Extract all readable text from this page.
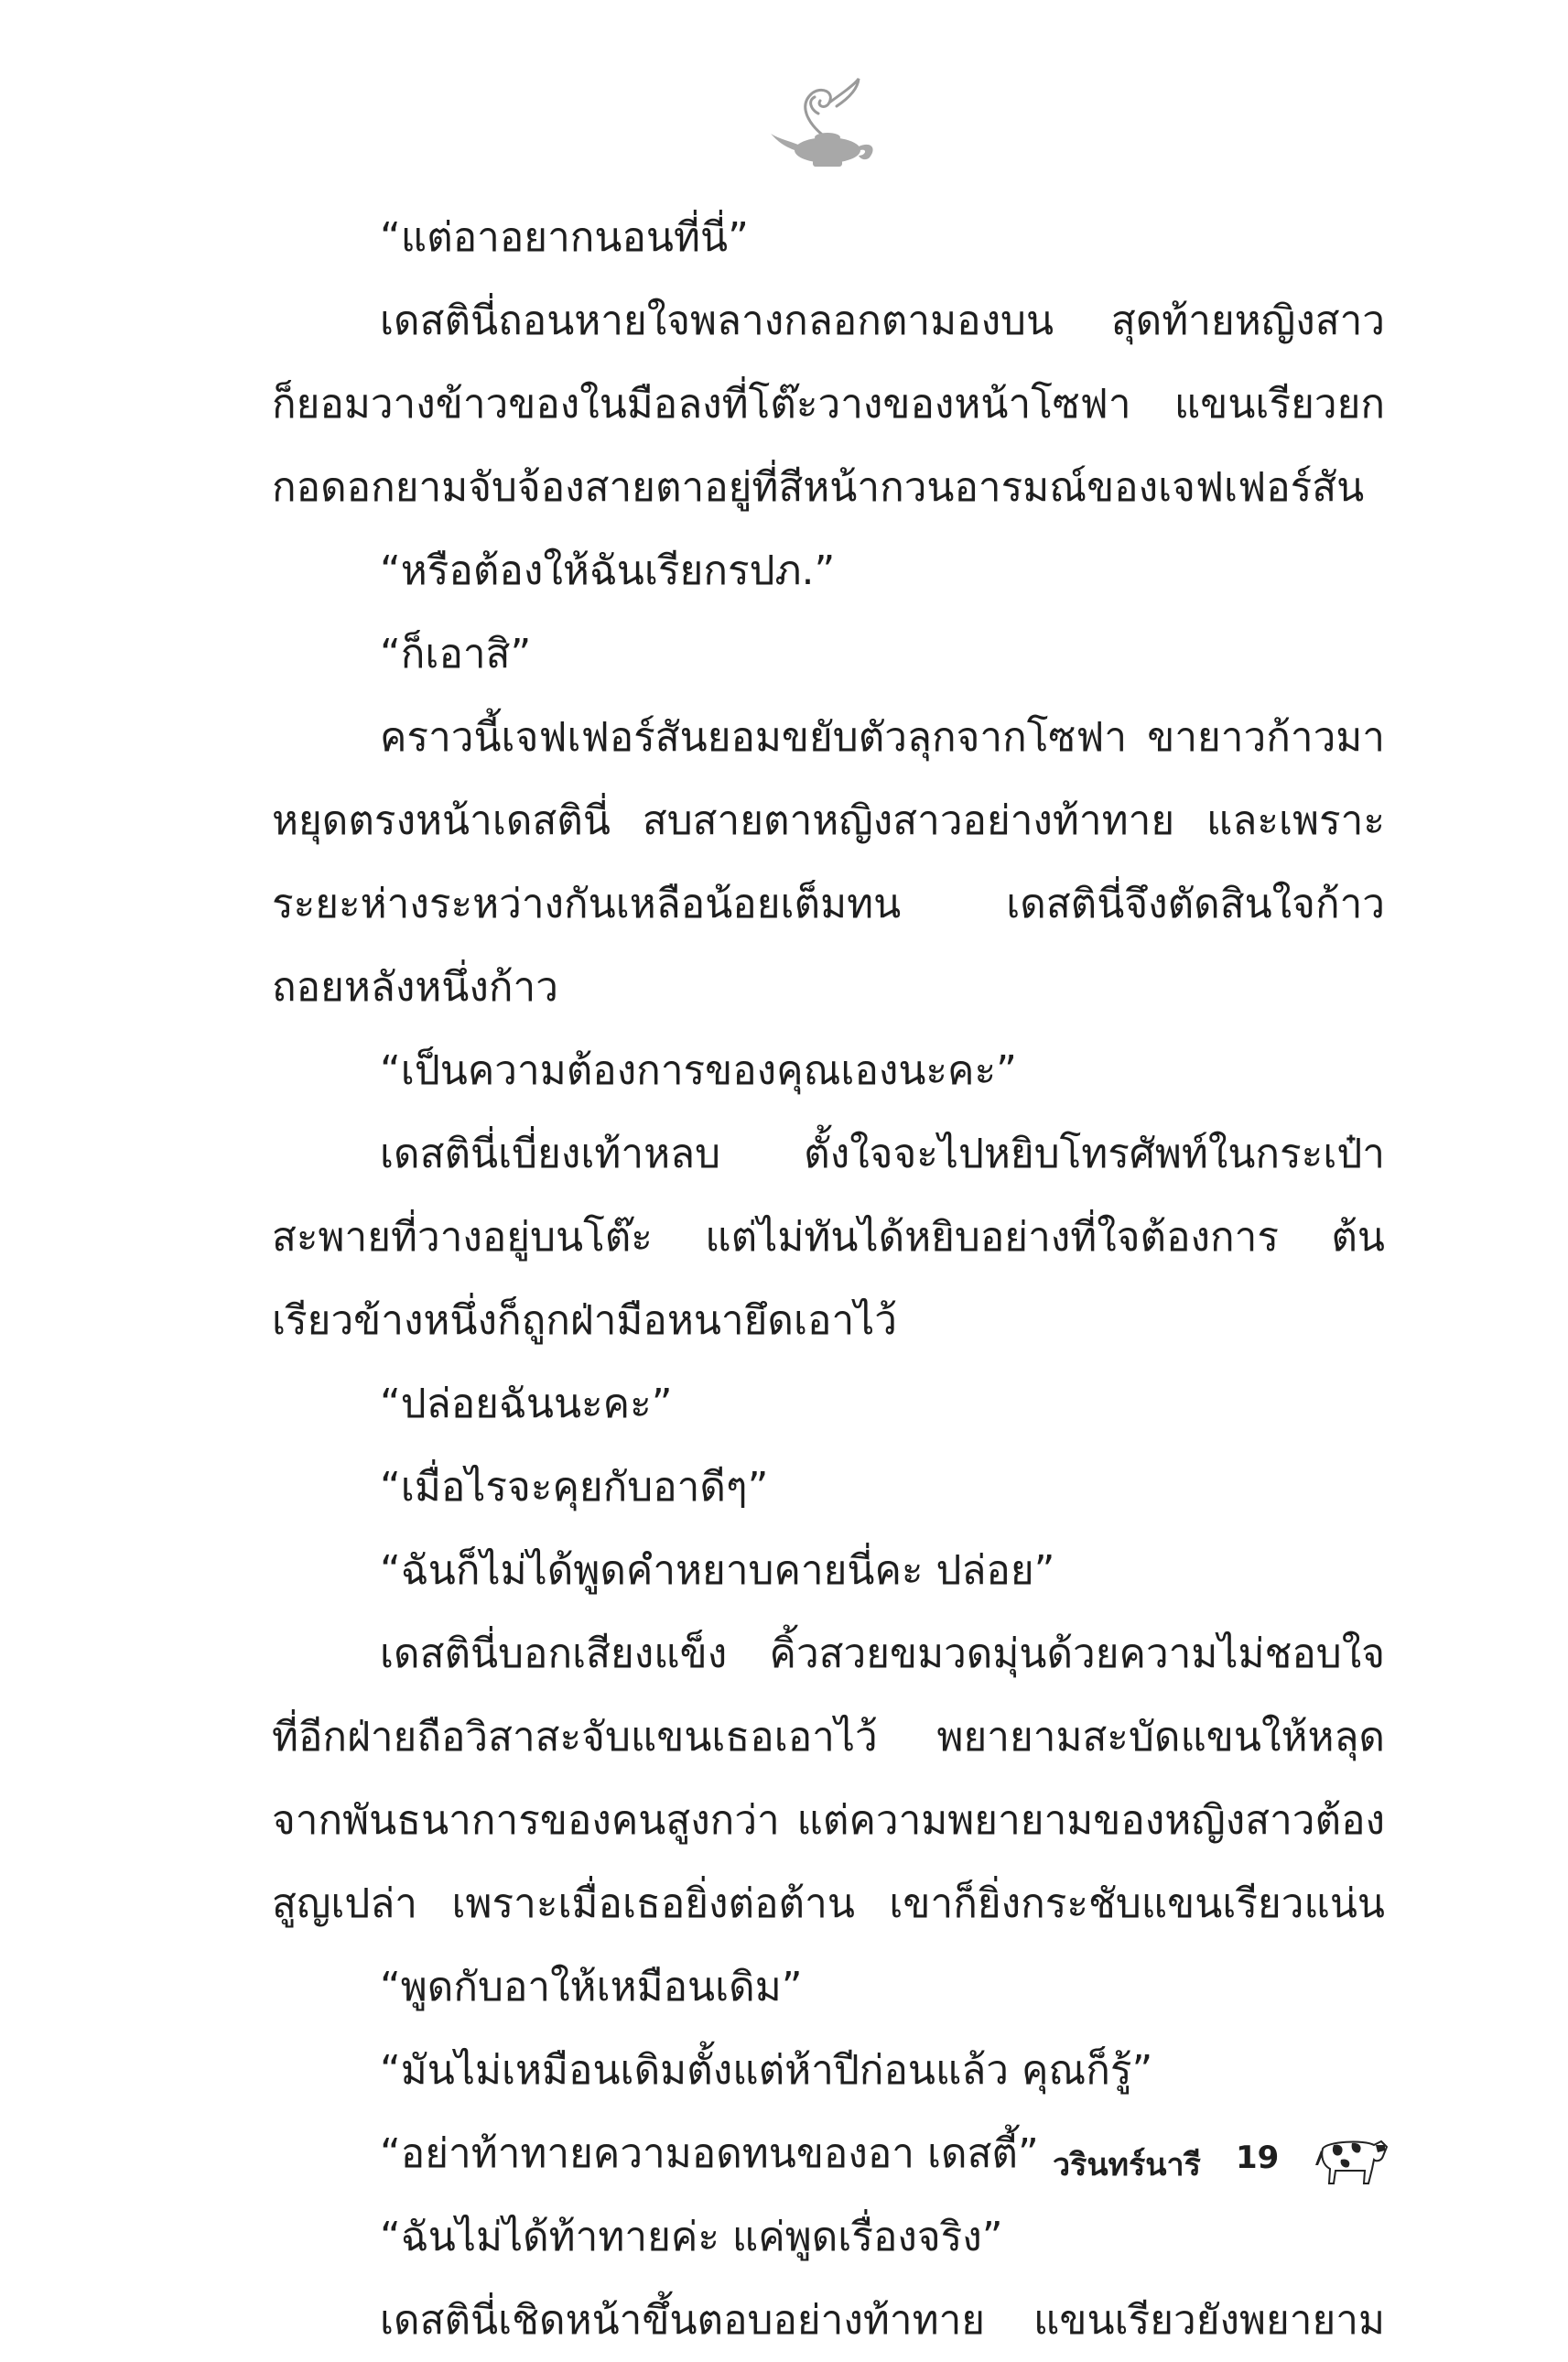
“แต่อาอยากนอนที่นี่”
เดสตินี่ถอนหายใจพลางกลอกตามองบน สุดท้ายหญิงสาว
ก็ยอมวางข้าวของในมือลงที่โต๊ะวางของหน้าโซฟา แขนเรียวยก
กอดอกยามจับจ้องสายตาอยู่ที่สีหน้ากวนอารมณ์ของเจฟเฟอร์สัน
“หรือต้องให้ฉันเรียกรปภ.”
“ก็เอาสิ”
คราวนี้เจฟเฟอร์สันยอมขยับตัวลุกจากโซฟา ขายาวก้าวมา
หยุดตรงหน้าเดสตินี่ สบสายตาหญิงสาวอย่างท้าทาย และเพราะ
ระยะห่างระหว่างกันเหลือน้อยเต็มทน เดสตินี่จึงตัดสินใจก้าว
ถอยหลังหนึ่งก้าว
“เป็นความต้องการของคุณเองนะคะ”
เดสตินี่เบี่ยงเท้าหลบ ตั้งใจจะไปหยิบโทรศัพท์ในกระเป๋า
สะพายที่วางอยู่บนโต๊ะ แต่ไม่ทันได้หยิบอย่างที่ใจต้องการ ต้น
เรียวข้างหนึ่งก็ถูกฝ่ามือหนายึดเอาไว้
“ปล่อยฉันนะคะ”
“เมื่อไรจะคุยกับอาดีๆ”
“ฉันก็ไม่ได้พูดคำหยาบคายนี่คะ ปล่อย”
เดสตินี่บอกเสียงแข็ง คิ้วสวยขมวดมุ่นด้วยความไม่ชอบใจ
ที่อีกฝ่ายถือวิสาสะจับแขนเธอเอาไว้ พยายามสะบัดแขนให้หลุด
จากพันธนาการของคนสูงกว่า แต่ความพยายามของหญิงสาวต้อง
สูญเปล่า เพราะเมื่อเธอยิ่งต่อต้าน เขาก็ยิ่งกระชับแขนเรียวแน่น
“พูดกับอาให้เหมือนเดิม”
“มันไม่เหมือนเดิมตั้งแต่ห้าปีก่อนแล้ว คุณก็รู้”
“อย่าท้าทายความอดทนของอา เดสตี้”
“ฉันไม่ได้ท้าทายค่ะ แค่พูดเรื่องจริง”
เดสตินี่เชิดหน้าขึ้นตอบอย่างท้าทาย แขนเรียวยังพยายาม
วรินทร์นารี 19
